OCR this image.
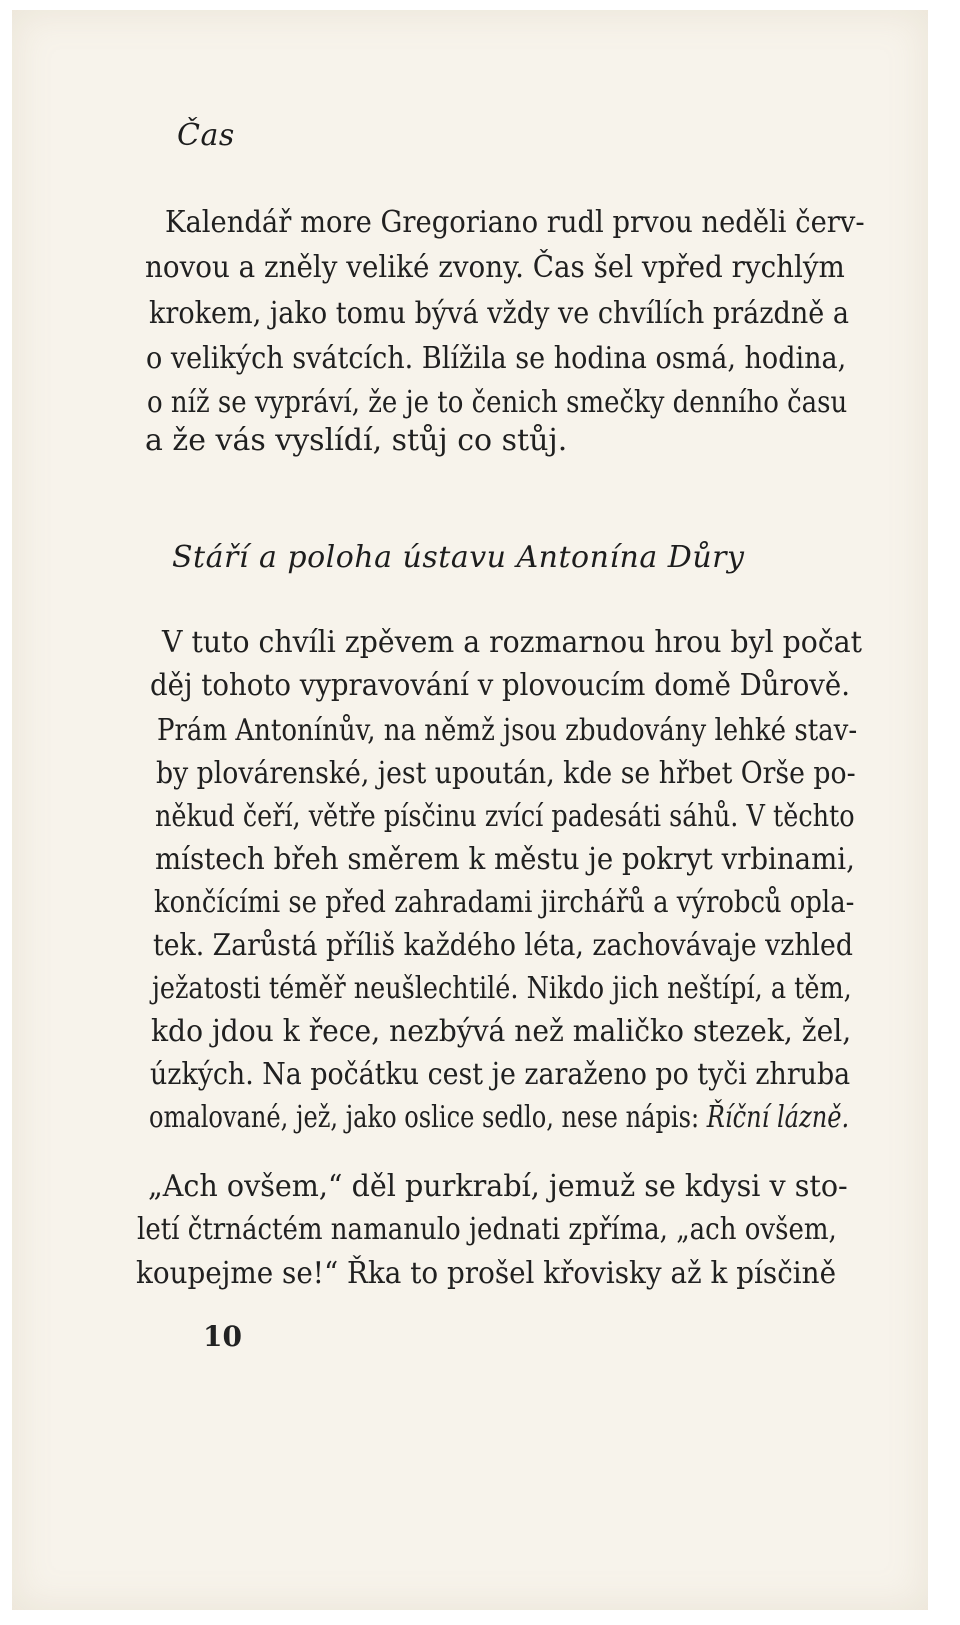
Čas
Kalendář more Gregoriano rudl prvou neděli červ-
novou a zněly veliké zvony. Čas šel vpřed rychlým
krokem, jako tomu bývá vždy ve chvílích prázdně a
o velikých svátcích. Blížila se hodina osmá, hodina,
o níž se vypráví, že je to čenich smečky denního času
a že vás vyslídí, stůj co stůj.
Stáří a poloha ústavu Antonína Důry
V tuto chvíli zpěvem a rozmarnou hrou byl počat
děj tohoto vypravování v plovoucím domě Důrově.
Prám Antonínův, na němž jsou zbudovány lehké stav-
by plovárenské, jest upoután, kde se hřbet Orše po-
někud čeří, větře písčinu zvící padesáti sáhů. V těchto
místech břeh směrem k městu je pokryt vrbinami,
končícími se před zahradami jirchářů a výrobců opla-
tek. Zarůstá příliš každého léta, zachovávaje vzhled
ježatosti téměř neušlechtilé. Nikdo jich neštípí, a těm,
kdo jdou k řece, nezbývá než maličko stezek, žel,
úzkých. Na počátku cest je zaraženo po tyči zhruba
omalované, jež, jako oslice sedlo, nese nápis: Říční lázně.
„Ach ovšem,“ děl purkrabí, jemuž se kdysi v sto-
letí čtrnáctém namanulo jednati zpříma, „ach ovšem,
koupejme se!“ Řka to prošel křovisky až k písčině
10
